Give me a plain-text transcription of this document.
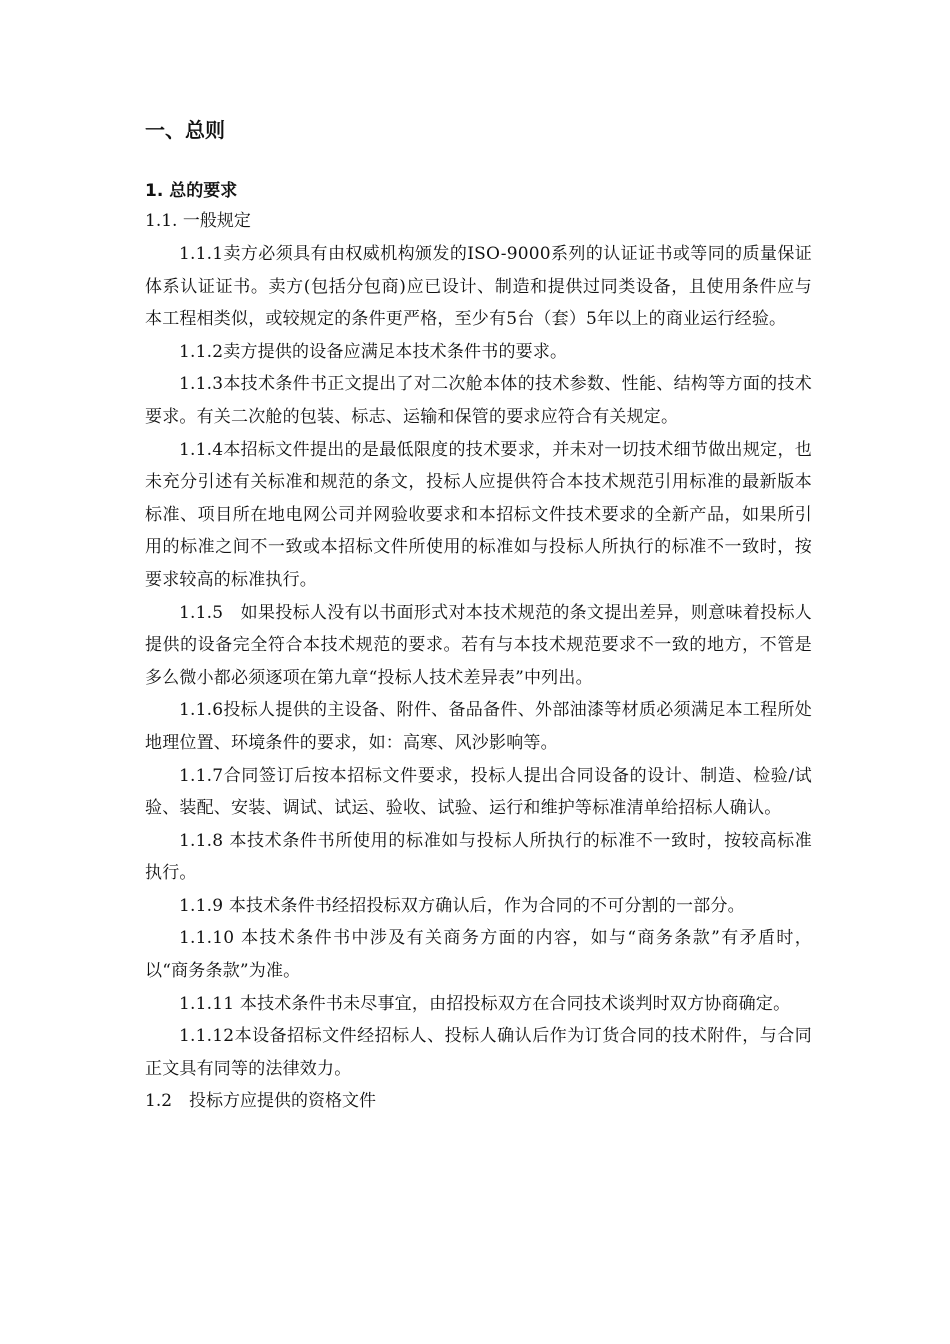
一、总则
1. 总的要求
1.1. 一般规定

1.1.1卖方必须具有由权威机构颁发的ISO-9000系列的认证证书或等同的质量保证体系认证证书。卖方(包括分包商)应已设计、制造和提供过同类设备，且使用条件应与本工程相类似，或较规定的条件更严格，至少有5台（套）5年以上的商业运行经验。

1.1.2卖方提供的设备应满足本技术条件书的要求。

1.1.3本技术条件书正文提出了对二次舱本体的技术参数、性能、结构等方面的技术要求。有关二次舱的包装、标志、运输和保管的要求应符合有关规定。

1.1.4本招标文件提出的是最低限度的技术要求，并未对一切技术细节做出规定，也未充分引述有关标准和规范的条文，投标人应提供符合本技术规范引用标准的最新版本标准、项目所在地电网公司并网验收要求和本招标文件技术要求的全新产品，如果所引用的标准之间不一致或本招标文件所使用的标准如与投标人所执行的标准不一致时，按要求较高的标准执行。

1.1.5　如果投标人没有以书面形式对本技术规范的条文提出差异，则意味着投标人提供的设备完全符合本技术规范的要求。若有与本技术规范要求不一致的地方，不管是多么微小都必须逐项在第九章“投标人技术差异表”中列出。

1.1.6投标人提供的主设备、附件、备品备件、外部油漆等材质必须满足本工程所处地理位置、环境条件的要求，如：高寒、风沙影响等。

1.1.7合同签订后按本招标文件要求，投标人提出合同设备的设计、制造、检验/试验、装配、安装、调试、试运、验收、试验、运行和维护等标准清单给招标人确认。

1.1.8 本技术条件书所使用的标准如与投标人所执行的标准不一致时，按较高标准执行。

1.1.9 本技术条件书经招投标双方确认后，作为合同的不可分割的一部分。

1.1.10 本技术条件书中涉及有关商务方面的内容，如与“商务条款”有矛盾时，以“商务条款”为准。

1.1.11 本技术条件书未尽事宜，由招投标双方在合同技术谈判时双方协商确定。

1.1.12本设备招标文件经招标人、投标人确认后作为订货合同的技术附件，与合同正文具有同等的法律效力。

1.2　投标方应提供的资格文件
